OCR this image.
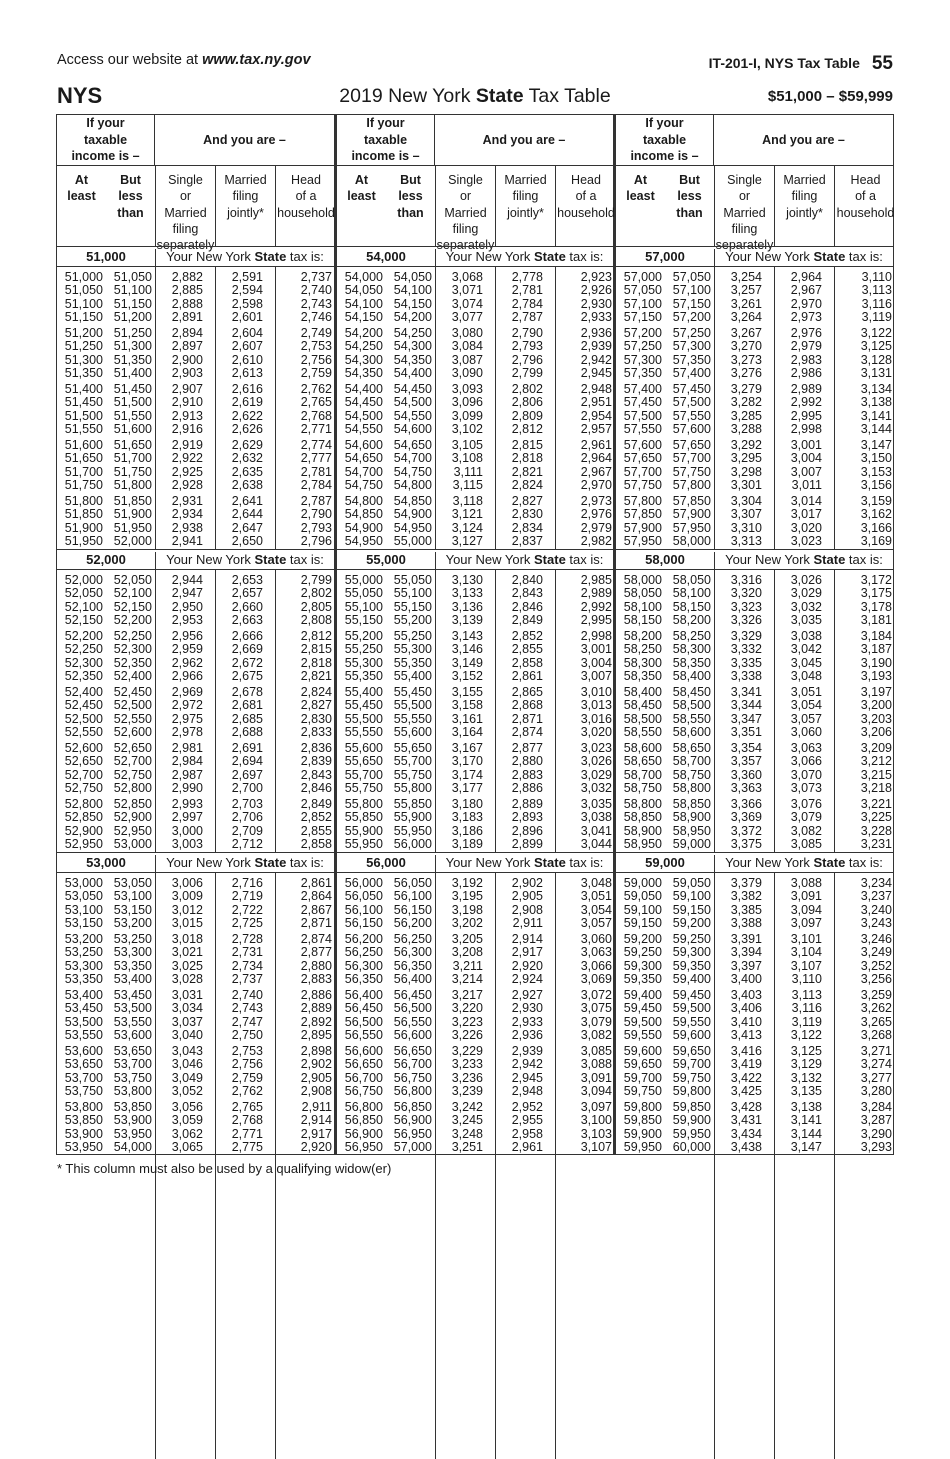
Access our website at www.tax.ny.gov	IT-201-I, NYS Tax Table 55
NYS	2019 New York State Tax Table	$51,000 – $59,999
If your
taxable
income is –
And you are –
At
least
But
less
than
Single
or
Married
filing
separately
Married
filing
jointly*
Head
of a
household
51,000	Your New York State tax is:
51,000 51,050	2,882	2,591	2,737
51,050 51,100	2,885	2,594	2,740
51,100 51,150	2,888	2,598	2,743
51,150 51,200	2,891	2,601	2,746
51,200 51,250	2,894	2,604	2,749
51,250 51,300	2,897	2,607	2,753
51,300 51,350	2,900	2,610	2,756
51,350 51,400	2,903	2,613	2,759
51,400 51,450	2,907	2,616	2,762
51,450 51,500	2,910	2,619	2,765
51,500 51,550	2,913	2,622	2,768
51,550 51,600	2,916	2,626	2,771
51,600 51,650	2,919	2,629	2,774
51,650 51,700	2,922	2,632	2,777
51,700 51,750	2,925	2,635	2,781
51,750 51,800	2,928	2,638	2,784
51,800 51,850	2,931	2,641	2,787
51,850 51,900	2,934	2,644	2,790
51,900 51,950	2,938	2,647	2,793
51,950 52,000	2,941	2,650	2,796
52,000	Your New York State tax is:
52,000 52,050	2,944	2,653	2,799
52,050 52,100	2,947	2,657	2,802
52,100 52,150	2,950	2,660	2,805
52,150 52,200	2,953	2,663	2,808
52,200 52,250	2,956	2,666	2,812
52,250 52,300	2,959	2,669	2,815
52,300 52,350	2,962	2,672	2,818
52,350 52,400	2,966	2,675	2,821
52,400 52,450	2,969	2,678	2,824
52,450 52,500	2,972	2,681	2,827
52,500 52,550	2,975	2,685	2,830
52,550 52,600	2,978	2,688	2,833
52,600 52,650	2,981	2,691	2,836
52,650 52,700	2,984	2,694	2,839
52,700 52,750	2,987	2,697	2,843
52,750 52,800	2,990	2,700	2,846
52,800 52,850	2,993	2,703	2,849
52,850 52,900	2,997	2,706	2,852
52,900 52,950	3,000	2,709	2,855
52,950 53,000	3,003	2,712	2,858
53,000	Your New York State tax is:
53,000 53,050	3,006	2,716	2,861
53,050 53,100	3,009	2,719	2,864
53,100 53,150	3,012	2,722	2,867
53,150 53,200	3,015	2,725	2,871
53,200 53,250	3,018	2,728	2,874
53,250 53,300	3,021	2,731	2,877
53,300 53,350	3,025	2,734	2,880
53,350 53,400	3,028	2,737	2,883
53,400 53,450	3,031	2,740	2,886
53,450 53,500	3,034	2,743	2,889
53,500 53,550	3,037	2,747	2,892
53,550 53,600	3,040	2,750	2,895
53,600 53,650	3,043	2,753	2,898
53,650 53,700	3,046	2,756	2,902
53,700 53,750	3,049	2,759	2,905
53,750 53,800	3,052	2,762	2,908
53,800 53,850	3,056	2,765	2,911
53,850 53,900	3,059	2,768	2,914
53,900 53,950	3,062	2,771	2,917
53,950 54,000	3,065	2,775	2,920
If your
taxable
income is –
And you are –
At
least
But
less
than
Single
or
Married
filing
separately
Married
filing
jointly*
Head
of a
household
54,000	Your New York State tax is:
54,000 54,050	3,068	2,778	2,923
54,050 54,100	3,071	2,781	2,926
54,100 54,150	3,074	2,784	2,930
54,150 54,200	3,077	2,787	2,933
54,200 54,250	3,080	2,790	2,936
54,250 54,300	3,084	2,793	2,939
54,300 54,350	3,087	2,796	2,942
54,350 54,400	3,090	2,799	2,945
54,400 54,450	3,093	2,802	2,948
54,450 54,500	3,096	2,806	2,951
54,500 54,550	3,099	2,809	2,954
54,550 54,600	3,102	2,812	2,957
54,600 54,650	3,105	2,815	2,961
54,650 54,700	3,108	2,818	2,964
54,700 54,750	3,111	2,821	2,967
54,750 54,800	3,115	2,824	2,970
54,800 54,850	3,118	2,827	2,973
54,850 54,900	3,121	2,830	2,976
54,900 54,950	3,124	2,834	2,979
54,950 55,000	3,127	2,837	2,982
55,000	Your New York State tax is:
55,000 55,050	3,130	2,840	2,985
55,050 55,100	3,133	2,843	2,989
55,100 55,150	3,136	2,846	2,992
55,150 55,200	3,139	2,849	2,995
55,200 55,250	3,143	2,852	2,998
55,250 55,300	3,146	2,855	3,001
55,300 55,350	3,149	2,858	3,004
55,350 55,400	3,152	2,861	3,007
55,400 55,450	3,155	2,865	3,010
55,450 55,500	3,158	2,868	3,013
55,500 55,550	3,161	2,871	3,016
55,550 55,600	3,164	2,874	3,020
55,600 55,650	3,167	2,877	3,023
55,650 55,700	3,170	2,880	3,026
55,700 55,750	3,174	2,883	3,029
55,750 55,800	3,177	2,886	3,032
55,800 55,850	3,180	2,889	3,035
55,850 55,900	3,183	2,893	3,038
55,900 55,950	3,186	2,896	3,041
55,950 56,000	3,189	2,899	3,044
56,000	Your New York State tax is:
56,000 56,050	3,192	2,902	3,048
56,050 56,100	3,195	2,905	3,051
56,100 56,150	3,198	2,908	3,054
56,150 56,200	3,202	2,911	3,057
56,200 56,250	3,205	2,914	3,060
56,250 56,300	3,208	2,917	3,063
56,300 56,350	3,211	2,920	3,066
56,350 56,400	3,214	2,924	3,069
56,400 56,450	3,217	2,927	3,072
56,450 56,500	3,220	2,930	3,075
56,500 56,550	3,223	2,933	3,079
56,550 56,600	3,226	2,936	3,082
56,600 56,650	3,229	2,939	3,085
56,650 56,700	3,233	2,942	3,088
56,700 56,750	3,236	2,945	3,091
56,750 56,800	3,239	2,948	3,094
56,800 56,850	3,242	2,952	3,097
56,850 56,900	3,245	2,955	3,100
56,900 56,950	3,248	2,958	3,103
56,950 57,000	3,251	2,961	3,107
If your
taxable
income is –
And you are –
At
least
But
less
than
Single
or
Married
filing
separately
Married
filing
jointly*
Head
of a
household
57,000	Your New York State tax is:
57,000 57,050	3,254	2,964	3,110
57,050 57,100	3,257	2,967	3,113
57,100 57,150	3,261	2,970	3,116
57,150 57,200	3,264	2,973	3,119
57,200 57,250	3,267	2,976	3,122
57,250 57,300	3,270	2,979	3,125
57,300 57,350	3,273	2,983	3,128
57,350 57,400	3,276	2,986	3,131
57,400 57,450	3,279	2,989	3,134
57,450 57,500	3,282	2,992	3,138
57,500 57,550	3,285	2,995	3,141
57,550 57,600	3,288	2,998	3,144
57,600 57,650	3,292	3,001	3,147
57,650 57,700	3,295	3,004	3,150
57,700 57,750	3,298	3,007	3,153
57,750 57,800	3,301	3,011	3,156
57,800 57,850	3,304	3,014	3,159
57,850 57,900	3,307	3,017	3,162
57,900 57,950	3,310	3,020	3,166
57,950 58,000	3,313	3,023	3,169
58,000	Your New York State tax is:
58,000 58,050	3,316	3,026	3,172
58,050 58,100	3,320	3,029	3,175
58,100 58,150	3,323	3,032	3,178
58,150 58,200	3,326	3,035	3,181
58,200 58,250	3,329	3,038	3,184
58,250 58,300	3,332	3,042	3,187
58,300 58,350	3,335	3,045	3,190
58,350 58,400	3,338	3,048	3,193
58,400 58,450	3,341	3,051	3,197
58,450 58,500	3,344	3,054	3,200
58,500 58,550	3,347	3,057	3,203
58,550 58,600	3,351	3,060	3,206
58,600 58,650	3,354	3,063	3,209
58,650 58,700	3,357	3,066	3,212
58,700 58,750	3,360	3,070	3,215
58,750 58,800	3,363	3,073	3,218
58,800 58,850	3,366	3,076	3,221
58,850 58,900	3,369	3,079	3,225
58,900 58,950	3,372	3,082	3,228
58,950 59,000	3,375	3,085	3,231
59,000	Your New York State tax is:
59,000 59,050	3,379	3,088	3,234
59,050 59,100	3,382	3,091	3,237
59,100 59,150	3,385	3,094	3,240
59,150 59,200	3,388	3,097	3,243
59,200 59,250	3,391	3,101	3,246
59,250 59,300	3,394	3,104	3,249
59,300 59,350	3,397	3,107	3,252
59,350 59,400	3,400	3,110	3,256
59,400 59,450	3,403	3,113	3,259
59,450 59,500	3,406	3,116	3,262
59,500 59,550	3,410	3,119	3,265
59,550 59,600	3,413	3,122	3,268
59,600 59,650	3,416	3,125	3,271
59,650 59,700	3,419	3,129	3,274
59,700 59,750	3,422	3,132	3,277
59,750 59,800	3,425	3,135	3,280
59,800 59,850	3,428	3,138	3,284
59,850 59,900	3,431	3,141	3,287
59,900 59,950	3,434	3,144	3,290
59,950 60,000	3,438	3,147	3,293
* This column must also be used by a qualifying widow(er)
